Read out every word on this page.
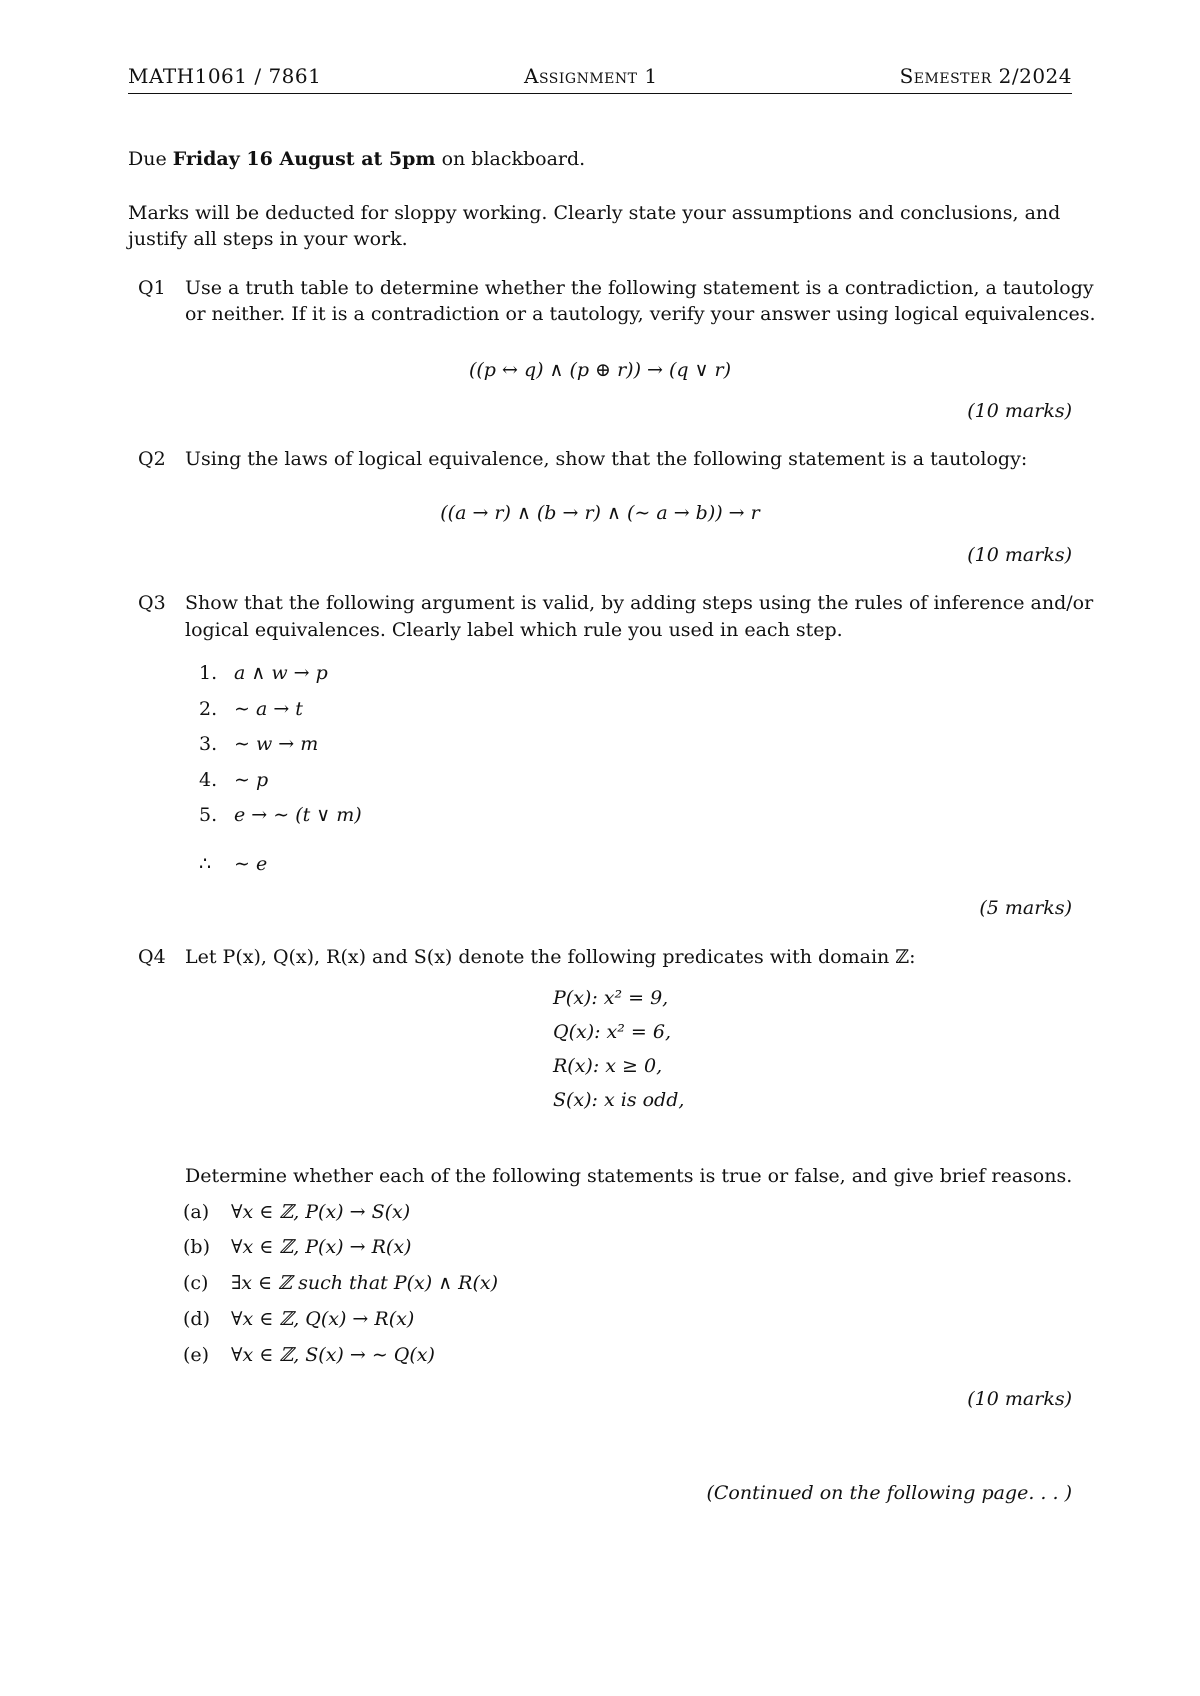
MATH1061 / 7861	Assignment 1	Semester 2/2024
Due Friday 16 August at 5pm on blackboard.
Marks will be deducted for sloppy working. Clearly state your assumptions and conclusions, and
justify all steps in your work.
Q1 Use a truth table to determine whether the following statement is a contradiction, a tautology
or neither. If it is a contradiction or a tautology, verify your answer using logical equivalences.
((p ↔ q) ∧ (p ⊕ r)) → (q ∨ r)
(10 marks)
Q2 Using the laws of logical equivalence, show that the following statement is a tautology:
((a → r) ∧ (b → r) ∧ (∼ a → b)) → r
(10 marks)
Q3 Show that the following argument is valid, by adding steps using the rules of inference and/or
logical equivalences. Clearly label which rule you used in each step.
1. a ∧ w → p
2. ∼ a → t
3. ∼ w → m
4. ∼ p
5. e → ∼ (t ∨ m)
∴ ∼ e
(5 marks)
Q4 Let P(x), Q(x), R(x) and S(x) denote the following predicates with domain ℤ:
P(x): x² = 9,
Q(x): x² = 6,
R(x): x ≥ 0,
S(x): x is odd,
Determine whether each of the following statements is true or false, and give brief reasons.
(a) ∀x ∈ ℤ, P(x) → S(x)
(b) ∀x ∈ ℤ, P(x) → R(x)
(c) ∃x ∈ ℤ such that P(x) ∧ R(x)
(d) ∀x ∈ ℤ, Q(x) → R(x)
(e) ∀x ∈ ℤ, S(x) → ∼ Q(x)
(10 marks)
(Continued on the following page. . . )
